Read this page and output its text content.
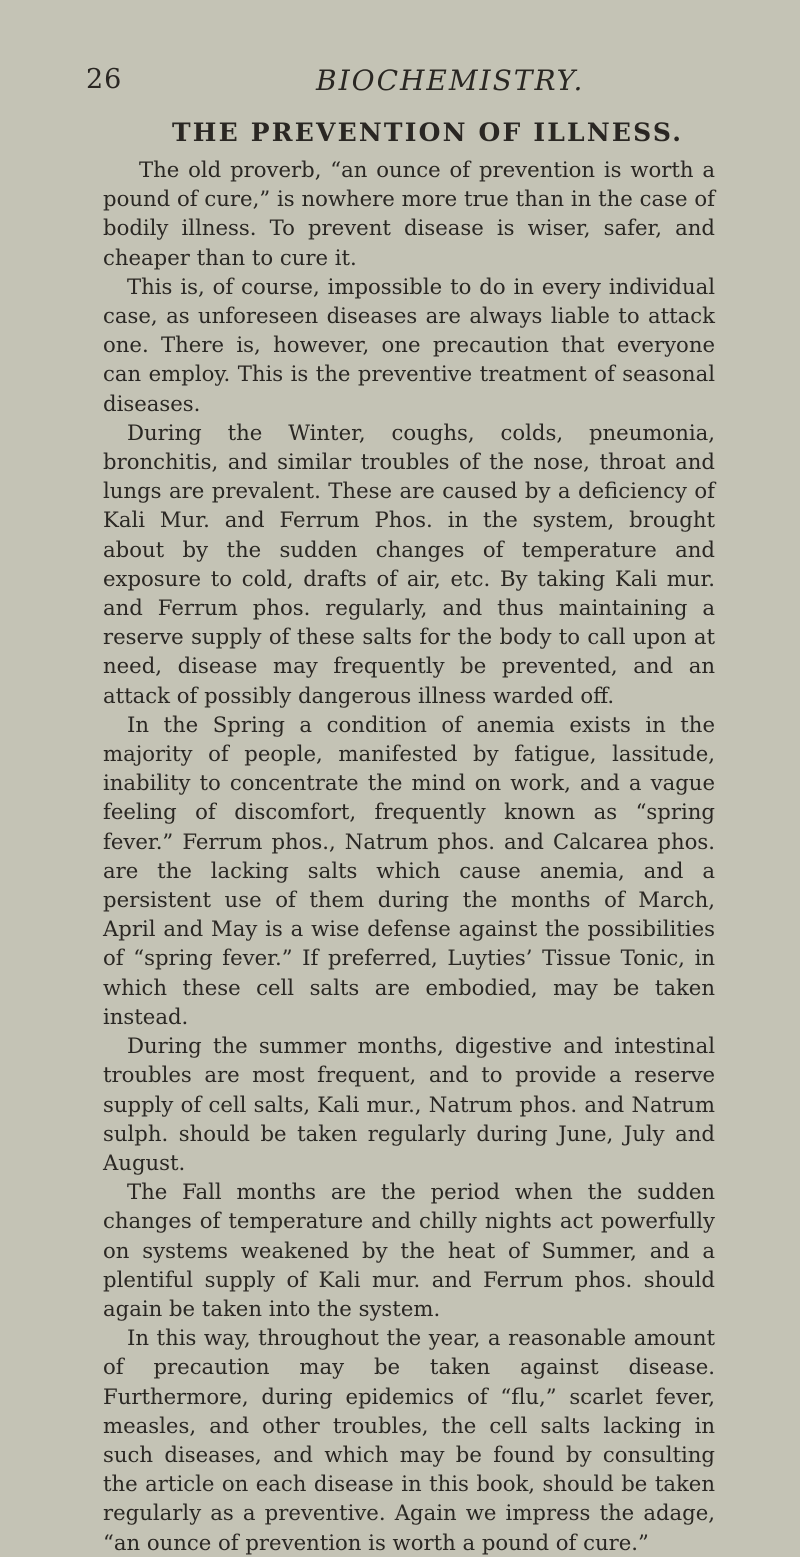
26	BIOCHEMISTRY.
THE PREVENTION OF ILLNESS.

The old proverb, “an ounce of prevention is worth a pound of cure,” is nowhere more true than in the case of bodily illness. To prevent disease is wiser, safer, and cheaper than to cure it.

This is, of course, impossible to do in every individual case, as unforeseen diseases are always liable to attack one. There is, however, one precaution that everyone can employ. This is the preventive treatment of seasonal diseases.

During the Winter, coughs, colds, pneumonia, bronchitis, and similar troubles of the nose, throat and lungs are prevalent. These are caused by a deficiency of Kali Mur. and Ferrum Phos. in the system, brought about by the sudden changes of temperature and exposure to cold, drafts of air, etc. By taking Kali mur. and Ferrum phos. regularly, and thus maintaining a reserve supply of these salts for the body to call upon at need, disease may frequently be prevented, and an attack of possibly dangerous illness warded off.

In the Spring a condition of anemia exists in the majority of people, manifested by fatigue, lassitude, inability to concentrate the mind on work, and a vague feeling of discomfort, frequently known as “spring fever.” Ferrum phos., Natrum phos. and Calcarea phos. are the lacking salts which cause anemia, and a persistent use of them during the months of March, April and May is a wise defense against the possibilities of “spring fever.” If preferred, Luyties’ Tissue Tonic, in which these cell salts are embodied, may be taken instead.

During the summer months, digestive and intestinal troubles are most frequent, and to provide a reserve supply of cell salts, Kali mur., Natrum phos. and Natrum sulph. should be taken regularly during June, July and August.

The Fall months are the period when the sudden changes of temperature and chilly nights act powerfully on systems weakened by the heat of Summer, and a plentiful supply of Kali mur. and Ferrum phos. should again be taken into the system.

In this way, throughout the year, a reasonable amount of precaution may be taken against disease. Furthermore, during epidemics of “flu,” scarlet fever, measles, and other troubles, the cell salts lacking in such diseases, and which may be found by consulting the article on each disease in this book, should be taken regularly as a preventive. Again we impress the adage, “an ounce of prevention is worth a pound of cure.”
